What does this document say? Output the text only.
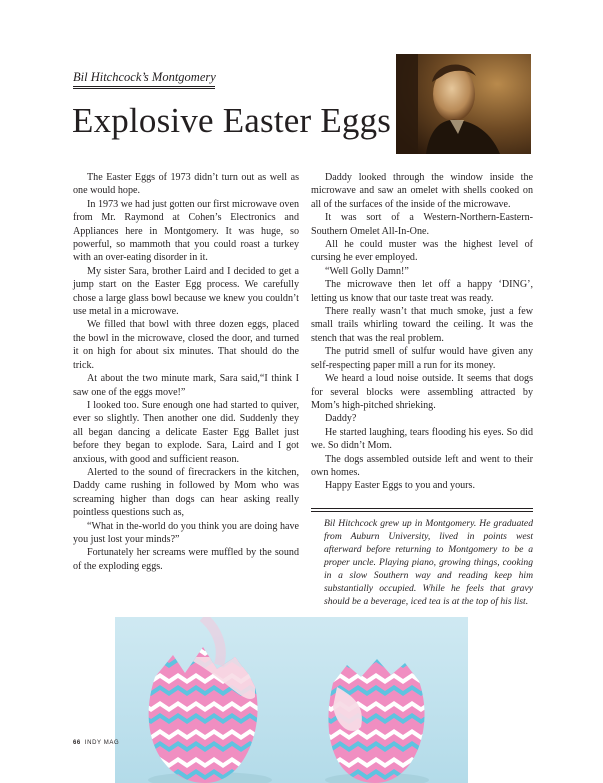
Bil Hitchcock’s Montgomery
Explosive Easter Eggs

The Easter Eggs of 1973 didn’t turn out as well as one would hope.

In 1973 we had just gotten our first microwave oven from Mr. Raymond at Cohen’s Electronics and Appliances here in Montgomery. It was huge, so powerful, so mammoth that you could roast a turkey with an over-eating disorder in it.

My sister Sara, brother Laird and I decided to get a jump start on the Easter Egg process. We carefully chose a large glass bowl because we knew you couldn’t use metal in a microwave.

We filled that bowl with three dozen eggs, placed the bowl in the microwave, closed the door, and turned it on high for about six minutes. That should do the trick.

At about the two minute mark, Sara said,“I think I saw one of the eggs move!”

I looked too. Sure enough one had started to quiver, ever so slightly. Then another one did. Suddenly they all began dancing a delicate Easter Egg Ballet just before they began to explode. Sara, Laird and I got anxious, with good and sufficient reason.

Alerted to the sound of firecrackers in the kitchen, Daddy came rushing in followed by Mom who was screaming higher than dogs can hear asking really pointless questions such as,

“What in the-world do you think you are doing have you just lost your minds?”

Fortunately her screams were muffled by the sound of the exploding eggs.

Daddy looked through the window inside the microwave and saw an omelet with shells cooked on all of the surfaces of the inside of the microwave.

It was sort of a Western-Northern-Eastern-Southern Omelet All-In-One.

All he could muster was the highest level of cursing he ever employed.

“Well Golly Damn!”

The microwave then let off a happy ‘DING’, letting us know that our taste treat was ready.

There really wasn’t that much smoke, just a few small trails whirling toward the ceiling. It was the stench that was the real problem.

The putrid smell of sulfur would have given any self-respecting paper mill a run for its money.

We heard a loud noise outside. It seems that dogs for several blocks were assembling attracted by Mom’s high-pitched shrieking.

Daddy?

He started laughing, tears flooding his eyes. So did we. So didn’t Mom.

The dogs assembled outside left and went to their own homes.

Happy Easter Eggs to you and yours.

Bil Hitchcock grew up in Montgomery. He graduated from Auburn University, lived in points west afterward before returning to Montgomery to be a proper uncle. Playing piano, growing things, cooking in a slow Southern way and reading keep him substantially occupied. While he feels that gravy should be a beverage, iced tea is at the top of his list.

66 INDY MAG
